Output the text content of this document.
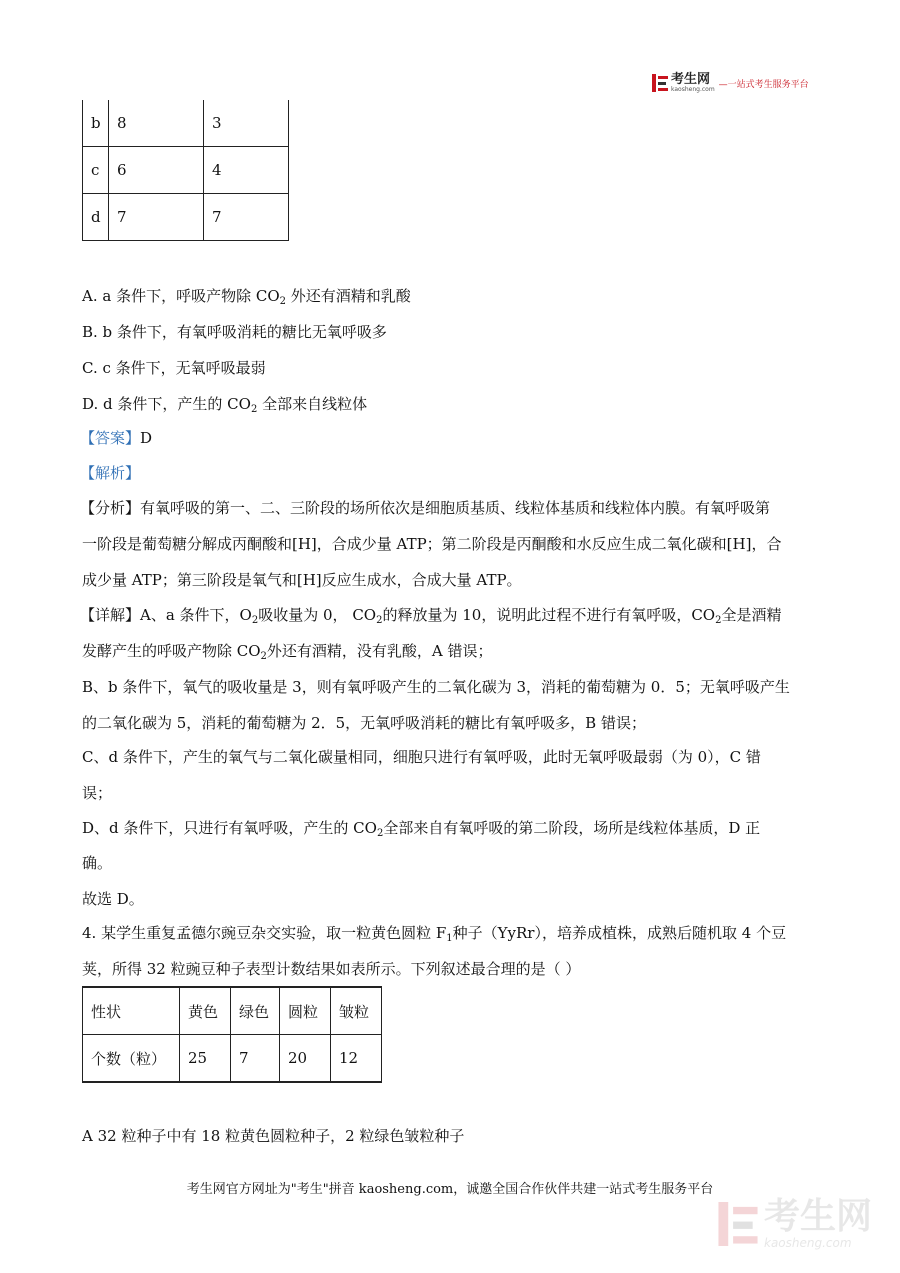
考生网
kaosheng.com —一站式考生服务平台
b	8	3
c	6	4
d	7	7
A. a 条件下，呼吸产物除 $CO_2$ 外还有酒精和乳酸
B. b 条件下，有氧呼吸消耗的糖比无氧呼吸多
C. c 条件下，无氧呼吸最弱
D. d 条件下，产生的 $CO_2$ 全部来自线粒体
【答案】D
【解析】
【分析】有氧呼吸的第一、二、三阶段的场所依次是细胞质基质、线粒体基质和线粒体内膜。有氧呼吸第
一阶段是葡萄糖分解成丙酮酸和[H]，合成少量 ATP；第二阶段是丙酮酸和水反应生成二氧化碳和[H]，合
成少量 ATP；第三阶段是氧气和[H]反应生成水，合成大量 ATP。
【详解】A、a 条件下，$O_2$吸收量为 0， $CO_2$的释放量为 10，说明此过程不进行有氧呼吸，$CO_2$全是酒精
发酵产生的呼吸产物除 $CO_2$外还有酒精，没有乳酸，A 错误；
B、b 条件下，氧气的吸收量是 3，则有氧呼吸产生的二氧化碳为 3，消耗的葡萄糖为 0．5；无氧呼吸产生
的二氧化碳为 5，消耗的葡萄糖为 2．5，无氧呼吸消耗的糖比有氧呼吸多，B 错误；
C、d 条件下，产生的氧气与二氧化碳量相同，细胞只进行有氧呼吸，此时无氧呼吸最弱（为 0），C 错
误；
D、d 条件下，只进行有氧呼吸，产生的 $CO_2$全部来自有氧呼吸的第二阶段，场所是线粒体基质，D 正
确。
故选 D。
4. 某学生重复孟德尔豌豆杂交实验，取一粒黄色圆粒 $F_1$种子（YyRr），培养成植株，成熟后随机取 4 个豆
荚，所得 32 粒豌豆种子表型计数结果如表所示。下列叙述最合理的是（ ）
性状	黄色	绿色	圆粒	皱粒
个数（粒）	25	7	20	12
A 32 粒种子中有 18 粒黄色圆粒种子，2 粒绿色皱粒种子
考生网官方网址为"考生"拼音 kaosheng.com，诚邀全国合作伙伴共建一站式考生服务平台
考生网
kaosheng.com
